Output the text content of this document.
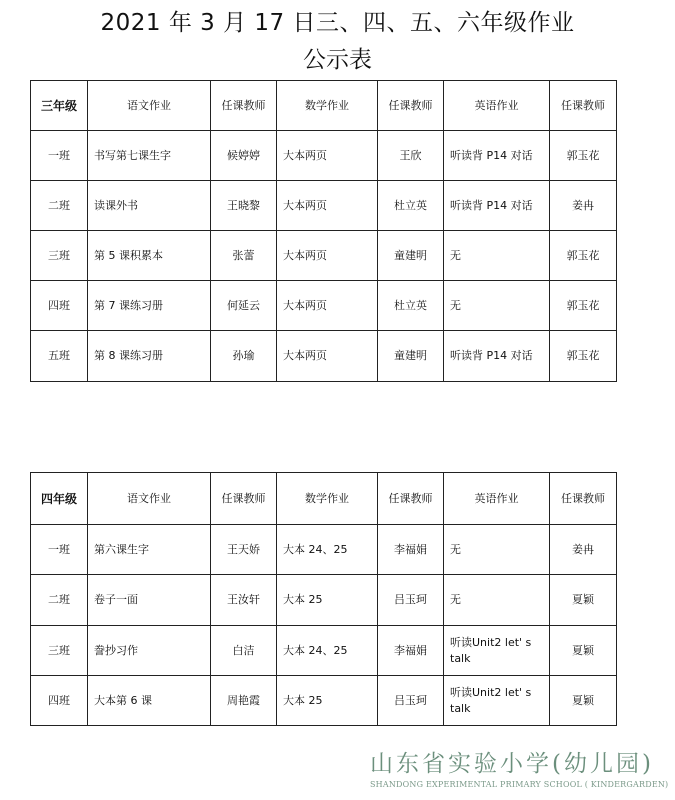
2021 年 3 月 17 日三、四、五、六年级作业
公示表
三年级	语文作业	任课教师	数学作业	任课教师	英语作业	任课教师
一班	书写第七课生字	候婷婷	大本两页	王欣	听读背 P14 对话	郭玉花
二班	读课外书	王晓黎	大本两页	杜立英	听读背 P14 对话	姜冉
三班	第 5 课积累本	张蕾	大本两页	童建明	无	郭玉花
四班	第 7 课练习册	何延云	大本两页	杜立英	无	郭玉花
五班	第 8 课练习册	孙瑜	大本两页	童建明	听读背 P14 对话	郭玉花
四年级	语文作业	任课教师	数学作业	任课教师	英语作业	任课教师
一班	第六课生字	王天娇	大本 24、25	李福娟	无	姜冉
二班	卷子一面	王汝轩	大本 25	吕玉珂	无	夏颖
三班	誊抄习作	白洁	大本 24、25	李福娟	听读Unit2 let' s talk	夏颖
四班	大本第 6 课	周艳霞	大本 25	吕玉珂	听读Unit2 let' s talk	夏颖
山东省实验小学(幼儿园)
SHANDONG EXPERIMENTAL PRIMARY SCHOOL ( KINDERGARDEN)
